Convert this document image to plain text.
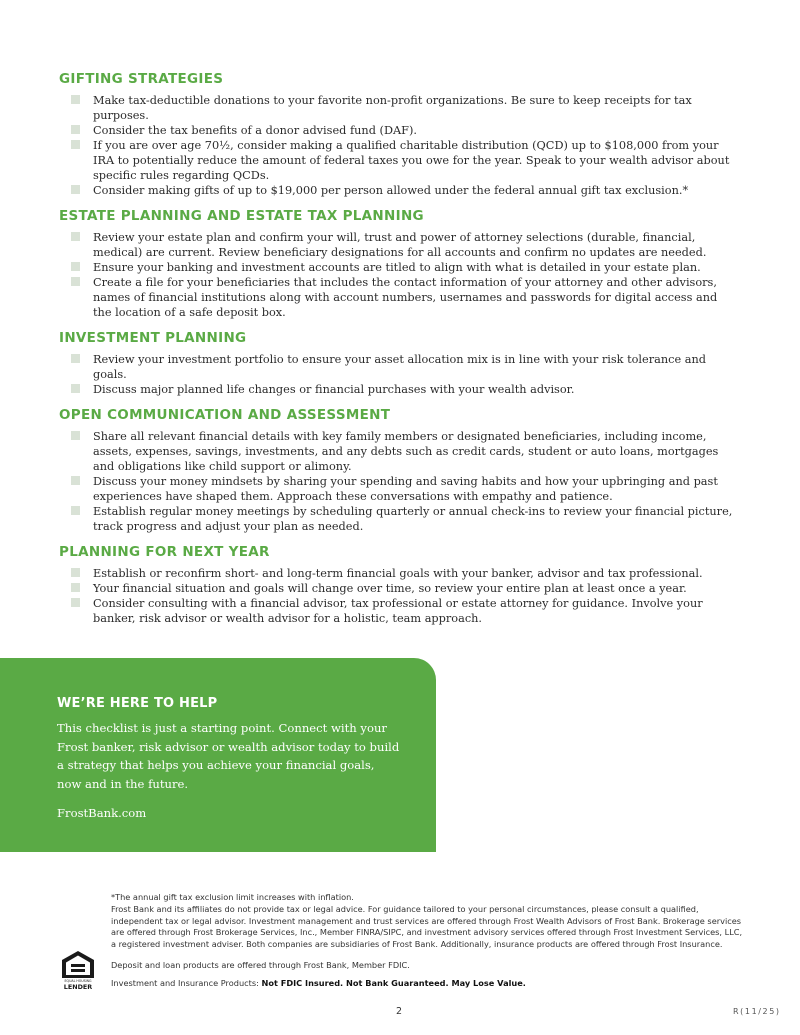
GIFTING STRATEGIES
Make tax-deductible donations to your favorite non-profit organizations. Be sure to keep receipts for tax purposes.
Consider the tax benefits of a donor advised fund (DAF).
If you are over age 70½, consider making a qualified charitable distribution (QCD) up to $108,000 from your IRA to potentially reduce the amount of federal taxes you owe for the year. Speak to your wealth advisor about specific rules regarding QCDs.
Consider making gifts of up to $19,000 per person allowed under the federal annual gift tax exclusion.*
ESTATE PLANNING AND ESTATE TAX PLANNING
Review your estate plan and confirm your will, trust and power of attorney selections (durable, financial, medical) are current. Review beneficiary designations for all accounts and confirm no updates are needed.
Ensure your banking and investment accounts are titled to align with what is detailed in your estate plan.
Create a file for your beneficiaries that includes the contact information of your attorney and other advisors, names of financial institutions along with account numbers, usernames and passwords for digital access and the location of a safe deposit box.
INVESTMENT PLANNING
Review your investment portfolio to ensure your asset allocation mix is in line with your risk tolerance and goals.
Discuss major planned life changes or financial purchases with your wealth advisor.
OPEN COMMUNICATION AND ASSESSMENT
Share all relevant financial details with key family members or designated beneficiaries, including income, assets, expenses, savings, investments, and any debts such as credit cards, student or auto loans, mortgages and obligations like child support or alimony.
Discuss your money mindsets by sharing your spending and saving habits and how your upbringing and past experiences have shaped them. Approach these conversations with empathy and patience.
Establish regular money meetings by scheduling quarterly or annual check-ins to review your financial picture, track progress and adjust your plan as needed.
PLANNING FOR NEXT YEAR
Establish or reconfirm short- and long-term financial goals with your banker, advisor and tax professional.
Your financial situation and goals will change over time, so review your entire plan at least once a year.
Consider consulting with a financial advisor, tax professional or estate attorney for guidance. Involve your banker, risk advisor or wealth advisor for a holistic, team approach.
WE’RE HERE TO HELP
This checklist is just a starting point. Connect with your Frost banker, risk advisor or wealth advisor today to build a strategy that helps you achieve your financial goals, now and in the future.
FrostBank.com
EQUAL HOUSING
LENDER
*The annual gift tax exclusion limit increases with inflation.
Frost Bank and its affiliates do not provide tax or legal advice. For guidance tailored to your personal circumstances, please consult a qualified, independent tax or legal advisor. Investment management and trust services are offered through Frost Wealth Advisors of Frost Bank. Brokerage services are offered through Frost Brokerage Services, Inc., Member FINRA/SIPC, and investment advisory services offered through Frost Investment Services, LLC, a registered investment adviser. Both companies are subsidiaries of Frost Bank. Additionally, insurance products are offered through Frost Insurance.
Deposit and loan products are offered through Frost Bank, Member FDIC.
Investment and Insurance Products: Not FDIC Insured. Not Bank Guaranteed. May Lose Value.
2	R(11/25)
